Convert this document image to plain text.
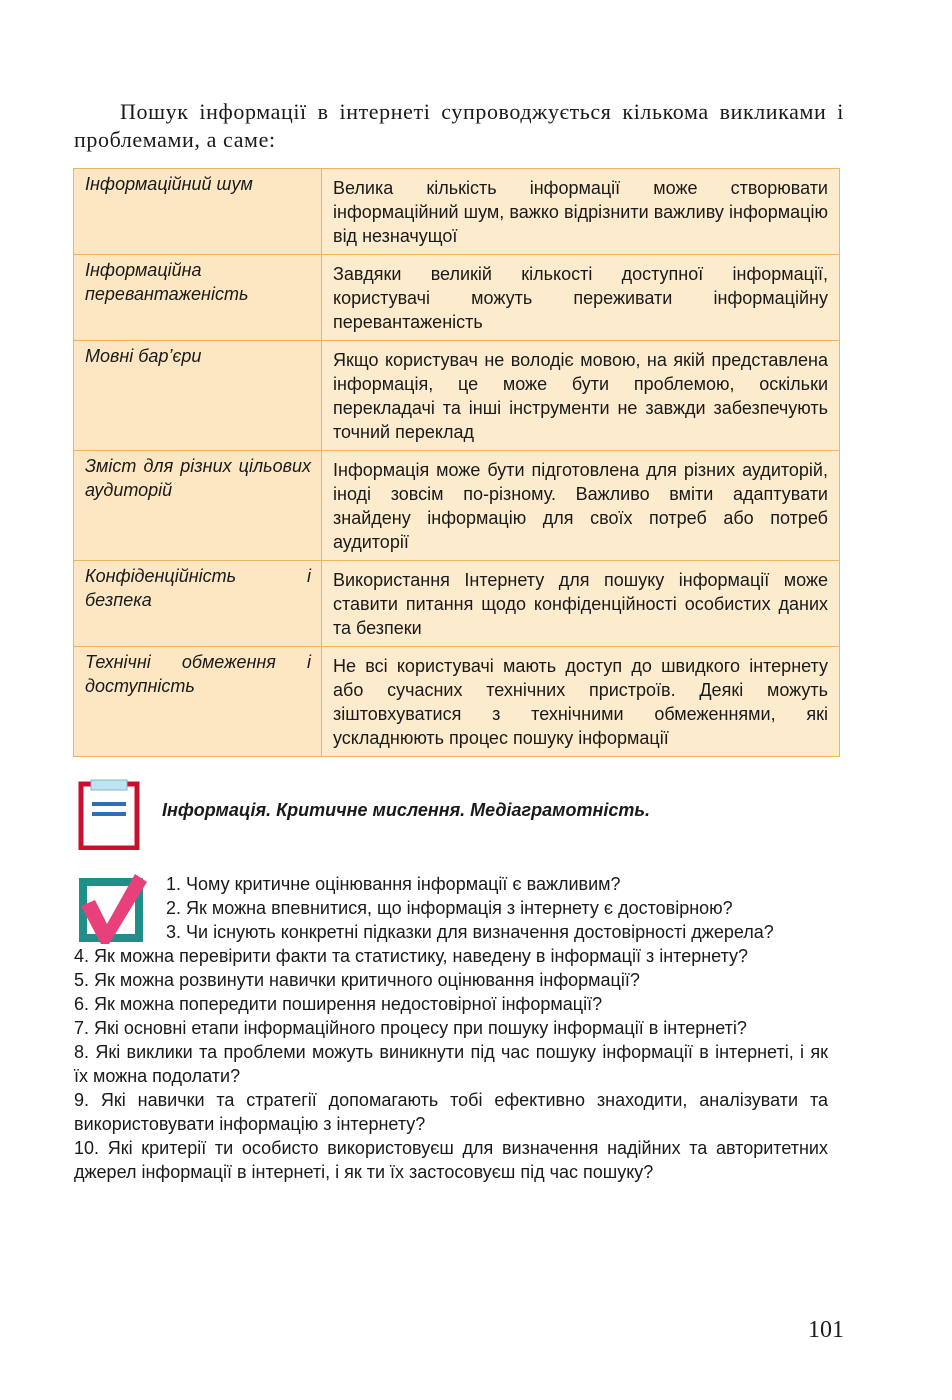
Пошук інформації в інтернеті супроводжується кількома викликами і проблемами, а саме:

Інформаційний шум	Велика кількість інформації може створювати інформаційний шум, важко відрізнити важливу інформацію від незначущої
Інформаційна перевантаженість	Завдяки великій кількості доступної інформації, користувачі можуть переживати інформаційну перевантаженість
Мовні бар’єри	Якщо користувач не володіє мовою, на якій представлена інформація, це може бути проблемою, оскільки перекладачі та інші інструменти не завжди забезпечують точний переклад
Зміст для різних цільових аудиторій	Інформація може бути підготовлена для різних аудиторій, іноді зовсім по-різному. Важливо вміти адаптувати знайдену інформацію для своїх потреб або потреб аудиторії
Конфіденційність і безпека	Використання Інтернету для пошуку інформації може ставити питання щодо конфіденційності особистих даних та безпеки
Технічні обмеження і доступність	Не всі користувачі мають доступ до швидкого інтернету або сучасних технічних пристроїв. Деякі можуть зіштовхуватися з технічними обмеженнями, які ускладнюють процес пошуку інформації

Інформація. Критичне мислення. Медіаграмотність.

1. Чому критичне оцінювання інформації є важливим?
2. Як можна впевнитися, що інформація з інтернету є достовірною?
3. Чи існують конкретні підказки для визначення достовірності джерела?
4. Як можна перевірити факти та статистику, наведену в інформації з інтернету?
5. Як можна розвинути навички критичного оцінювання інформації?
6. Як можна попередити поширення недостовірної інформації?
7. Які основні етапи інформаційного процесу при пошуку інформації в інтернеті?
8. Які виклики та проблеми можуть виникнути під час пошуку інформації в інтернеті, і як їх можна подолати?
9. Які навички та стратегії допомагають тобі ефективно знаходити, аналізувати та використовувати інформацію з інтернету?
10. Які критерії ти особисто використовуєш для визначення надійних та авторитетних джерел інформації в інтернеті, і як ти їх застосовуєш під час пошуку?

101
